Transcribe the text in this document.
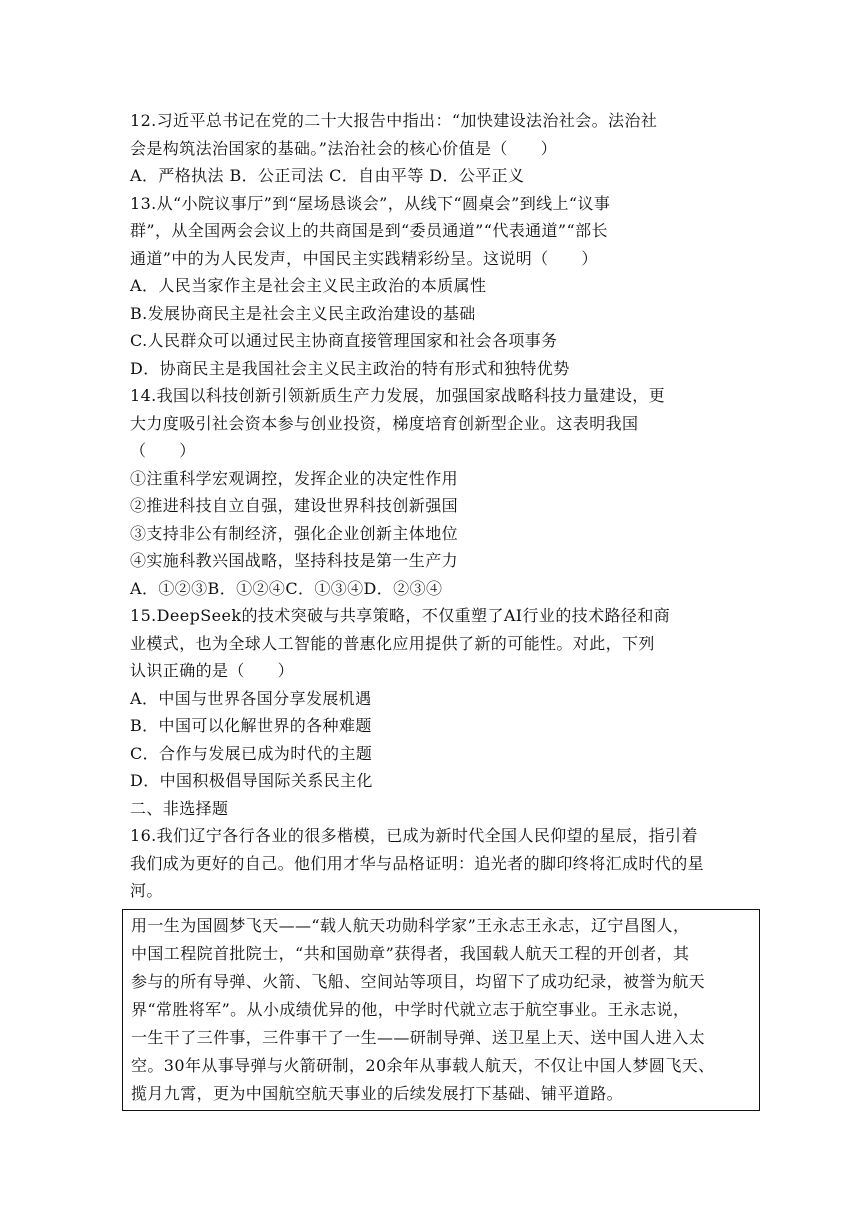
12.习近平总书记在党的二十大报告中指出：“加快建设法治社会。法治社
会是构筑法治国家的基础。”法治社会的核心价值是（　　）
A．严格执法 B．公正司法 C．自由平等 D．公平正义
13.从“小院议事厅”到“屋场恳谈会”，从线下“圆桌会”到线上“议事
群”，从全国两会会议上的共商国是到“委员通道”“代表通道”“部长
通道”中的为人民发声，中国民主实践精彩纷呈。这说明（　　）
A．人民当家作主是社会主义民主政治的本质属性
B.发展协商民主是社会主义民主政治建设的基础
C.人民群众可以通过民主协商直接管理国家和社会各项事务
D．协商民主是我国社会主义民主政治的特有形式和独特优势
14.我国以科技创新引领新质生产力发展，加强国家战略科技力量建设，更
大力度吸引社会资本参与创业投资，梯度培育创新型企业。这表明我国
（　　）
①注重科学宏观调控，发挥企业的决定性作用
②推进科技自立自强，建设世界科技创新强国
③支持非公有制经济，强化企业创新主体地位
④实施科教兴国战略，坚持科技是第一生产力
A．①②③B．①②④C．①③④D．②③④
15.DeepSeek的技术突破与共享策略，不仅重塑了AI行业的技术路径和商
业模式，也为全球人工智能的普惠化应用提供了新的可能性。对此，下列
认识正确的是（　　）
A．中国与世界各国分享发展机遇
B．中国可以化解世界的各种难题
C．合作与发展已成为时代的主题
D．中国积极倡导国际关系民主化
二、非选择题
16.我们辽宁各行各业的很多楷模，已成为新时代全国人民仰望的星辰，指引着
我们成为更好的自己。他们用才华与品格证明：追光者的脚印终将汇成时代的星
河。
用一生为国圆梦飞天——“载人航天功勋科学家”王永志王永志，辽宁昌图人，
中国工程院首批院士，“共和国勋章”获得者，我国载人航天工程的开创者，其
参与的所有导弹、火箭、飞船、空间站等项目，均留下了成功纪录，被誉为航天
界“常胜将军”。从小成绩优异的他，中学时代就立志于航空事业。王永志说，
一生干了三件事，三件事干了一生——研制导弹、送卫星上天、送中国人进入太
空。30年从事导弹与火箭研制，20余年从事载人航天，不仅让中国人梦圆飞天、
揽月九霄，更为中国航空航天事业的后续发展打下基础、铺平道路。
